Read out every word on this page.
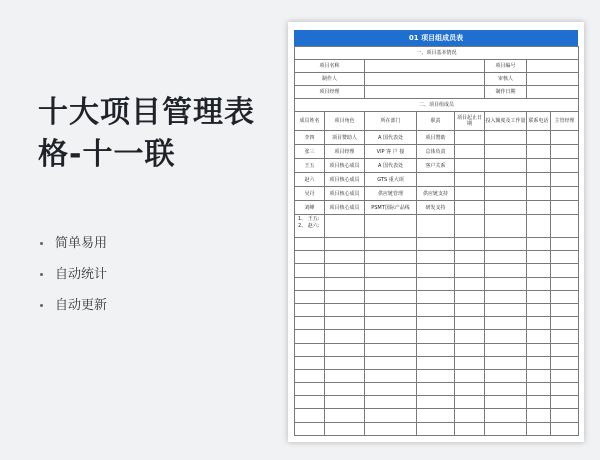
十大项目管理表格-十一联
简单易用
自动统计
自动更新
01 项目组成员表
一、项目基本情况							
项目名称					项目编号		
制作人					审核人		
项目经理					制作日期		
二、项目组成员							
成员姓名	项目角色	所在部门	职责	项目起止日期	投入额度及工作量	联系电话	主管经理
李四	项目赞助人	A 国代表处	项目赞助				
张三	项目经理	VIP 客 户 接	总体负责				
王五	项目核心成员	A 国代表处	客户关系				
赵六	项目核心成员	GTS 重大项					
吴丹	项目核心成员	供应链管理	供应链支持				
刘峰	项目核心成员	PSMT国际产品线	研发支持				

1、 王五:
2、 赵六:							
